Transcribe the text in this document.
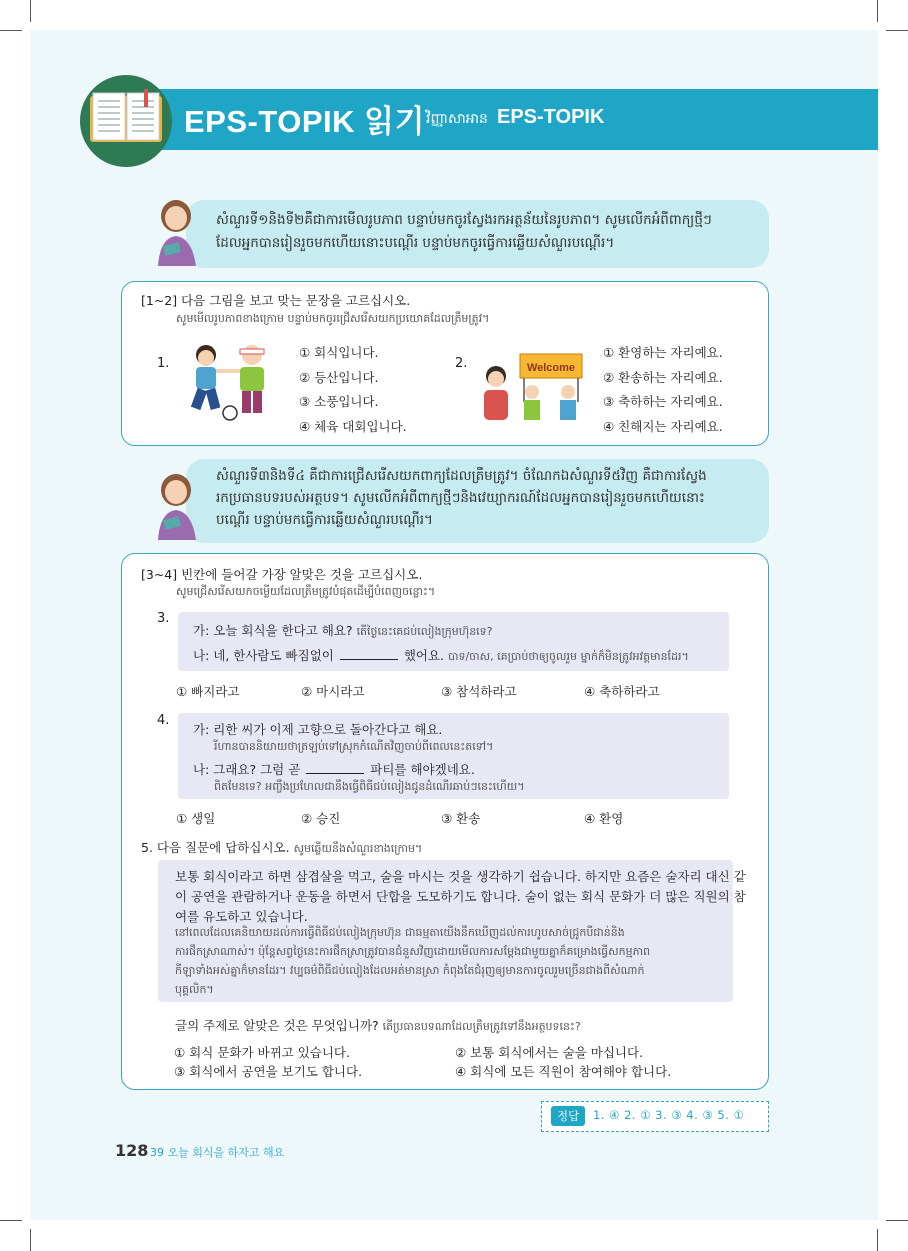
EPS-TOPIK 읽기 វិញ្ញាសាអាន EPS-TOPIK
សំណួរទី១និងទី២គឺជាការមើលរូបភាព បន្ទាប់មកចូរស្វែងរកអត្ថន័យនៃរូបភាព។ សូមលើកអំពីពាក្យថ្មីៗ
ដែលអ្នកបានរៀនរួចមកហើយនោះបណ្ដើរ បន្ទាប់មកចូរធ្វើការឆ្លើយសំណួរបណ្ដើរ។
[1~2] 다음 그림을 보고 맞는 문장을 고르십시오.
សូមមើលរូបភាពខាងក្រោម បន្ទាប់មកចូរជ្រើសរើសយកប្រយោគដែលត្រឹមត្រូវ។
1.
① 회식입니다.
② 등산입니다.
③ 소풍입니다.
④ 체육 대회입니다.
2.	Welcome
① 환영하는 자리예요.
② 환송하는 자리예요.
③ 축하하는 자리예요.
④ 친해지는 자리예요.
សំណួរទី៣និងទី៤ គឺជាការជ្រើសរើសយកពាក្យដែលត្រឹមត្រូវ។ ចំណែកឯសំណួរទី៥វិញ គឺជាការស្វែង
រកប្រធានបទរបស់អត្ថបទ។ សូមលើកអំពីពាក្យថ្មីៗនិងវេយ្យាករណ៍ដែលអ្នកបានរៀនរួចមកហើយនោះ
បណ្ដើរ បន្ទាប់មកធ្វើការឆ្លើយសំណួរបណ្ដើរ។
[3~4] 빈칸에 들어갈 가장 알맞은 것을 고르십시오.
សូមជ្រើសរើសយកចម្លើយដែលត្រឹមត្រូវបំផុតដើម្បីបំពេញចន្លោះ។
3.
가: 오늘 회식을 한다고 해요? តើថ្ងៃនេះគេជប់លៀងក្រុមហ៊ុនទេ?
나: 네, 한사람도 빠짐없이	했어요. បាទ/ចាស, គេប្រាប់ថាឲ្យចូលរួម ម្នាក់ក៏មិនត្រូវអវត្តមានដែរ។
① 빠지라고	② 마시라고	③ 참석하라고	④ 축하하라고
4.
가: 리한 씨가 이제 고향으로 돌아간다고 해요.
រីហានបាននិយាយថាត្រឡប់ទៅស្រុកកំណើតវិញចាប់ពីពេលនេះតទៅ។
나: 그래요? 그럼 곧	파티를 해야겠네요.
ពិតមែនទេ? អញ្ចឹងប្រហែលជានឹងធ្វើពិធីជប់លៀងជូនដំណើរឆាប់ៗនេះហើយ។
① 생일	② 승진	③ 환송	④ 환영
5. 다음 질문에 답하십시오. សូមឆ្លើយនឹងសំណួរខាងក្រោម។
보통 회식이라고 하면 삼겹살을 먹고, 술을 마시는 것을 생각하기 쉽습니다. 하지만 요즘은 술자리 대신 같
이 공연을 관람하거나 운동을 하면서 단합을 도모하기도 합니다. 술이 없는 회식 문화가 더 많은 직원의 참
여를 유도하고 있습니다.
នៅពេលដែលគេនិយាយដល់ការធ្វើពិធីជប់លៀងក្រុមហ៊ុន ជាធម្មតាយើងនឹកឃើញដល់ការហូបសាច់ជ្រូកបីជាន់និង
ការផឹកស្រាណាស់។ ប៉ុន្តែសព្វថ្ងៃនេះការផឹកស្រាត្រូវបានជំនួសវិញដោយមើលការសម្ដែងជាមួយគ្នាក៏គម្រោងធ្វើសកម្មភាព
កីឡាទាំងអស់គ្នាក៏មានដែរ។ វប្បធម៌ពិធីជប់លៀងដែលអត់មានស្រា កំពុងតែជំរុញឲ្យមានការចូលរួមច្រើនជាងពីសំណាក់
បុគ្គលិក។
글의 주제로 알맞은 것은 무엇입니까? តើប្រធានបទណាដែលត្រឹមត្រូវទៅនឹងអត្ថបទនេះ?
① 회식 문화가 바뀌고 있습니다.	② 보통 회식에서는 술을 마십니다.
③ 회식에서 공연을 보기도 합니다.	④ 회식에 모든 직원이 참여해야 합니다.
정답	1. ④ 2. ① 3. ③ 4. ③ 5. ①
128 39 오늘 회식을 하자고 해요
